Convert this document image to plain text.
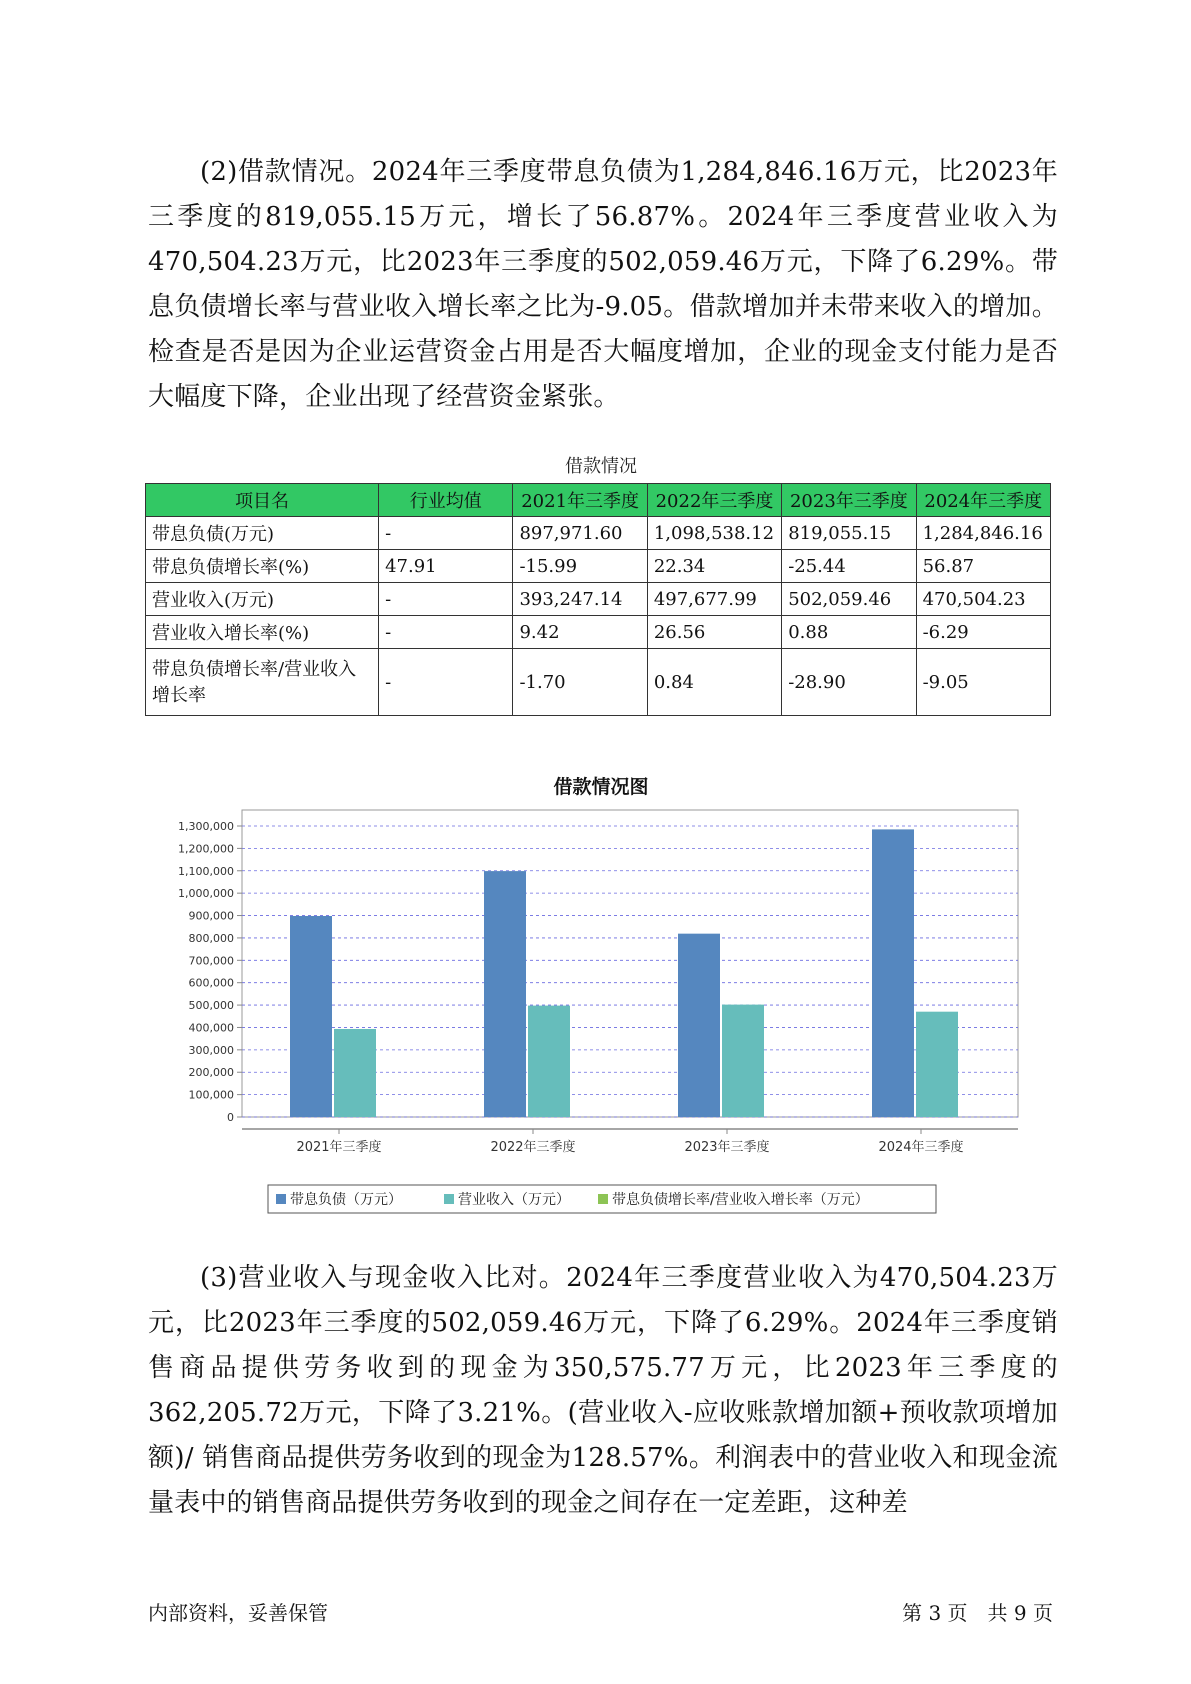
(2)借款情况。2024年三季度带息负债为1,284,846.16万元，比2023年三季度的819,055.15万元，增长了56.87%。2024年三季度营业收入为470,504.23万元，比2023年三季度的502,059.46万元，下降了6.29%。带息负债增长率与营业收入增长率之比为-9.05。借款增加并未带来收入的增加。检查是否是因为企业运营资金占用是否大幅度增加，企业的现金支付能力是否大幅度下降，企业出现了经营资金紧张。

借款情况
项目名	行业均值	2021年三季度	2022年三季度	2023年三季度	2024年三季度
带息负债(万元)	-	897,971.60	1,098,538.12	819,055.15	1,284,846.16
带息负债增长率(%)	47.91	-15.99	22.34	-25.44	56.87
营业收入(万元)	-	393,247.14	497,677.99	502,059.46	470,504.23
营业收入增长率(%)	-	9.42	26.56	0.88	-6.29
带息负债增长率/营业收入增长率	-	-1.70	0.84	-28.90	-9.05
借款情况图
1,300,000
1,200,000
1,100,000
1,000,000
900,000
800,000
700,000
600,000
500,000
400,000
300,000
200,000
100,000
0
2021年三季度	2022年三季度	2023年三季度	2024年三季度
带息负债（万元）	营业收入（万元）	带息负债增长率/营业收入增长率（万元）

(3)营业收入与现金收入比对。2024年三季度营业收入为470,504.23万元，比2023年三季度的502,059.46万元，下降了6.29%。2024年三季度销售商品提供劳务收到的现金为350,575.77万元，比2023年三季度的362,205.72万元，下降了3.21%。(营业收入-应收账款增加额+预收款项增加额)/ 销售商品提供劳务收到的现金为128.57%。利润表中的营业收入和现金流量表中的销售商品提供劳务收到的现金之间存在一定差距，这种差

内部资料，妥善保管	第 3 页　共 9 页
